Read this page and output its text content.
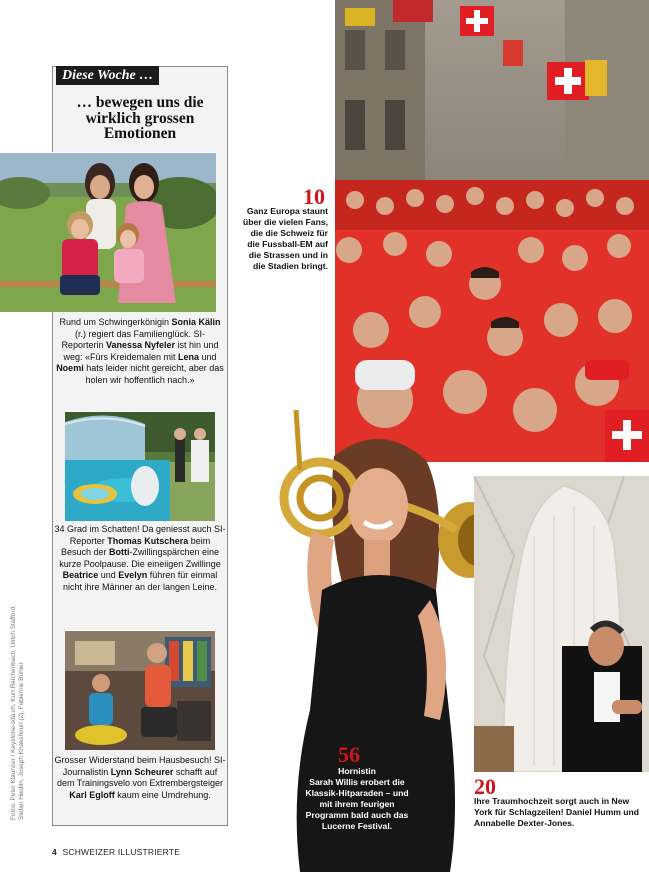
Diese Woche …
… bewegen uns die
wirklich grossen
Emotionen

Rund um Schwingerkönigin Sonia Kälin (r.) regiert das Familienglück. SI-Reporterin Vanessa Nyfeler ist hin und weg: «Fürs Kreidemalen mit Lena und Noemi hats leider nicht gereicht, aber das holen wir hoffentlich nach.»

34 Grad im Schatten! Da geniesst auch SI-Reporter Thomas Kutschera beim Besuch der Botti-Zwillingspärchen eine kurze Poolpause. Die eineiigen Zwillinge Beatrice und Evelyn führen für einmal nicht ihre Männer an der langen Leine.

Grosser Widerstand beim Hausbesuch! SI-Journalistin Lynn Scheurer schafft auf dem Trainingsvelo von Extrembergsteiger Karl Egloff kaum eine Umdrehung.

Fotos: Peter Klaunzer / Keystone-sda.ch, Kurt Reichenbach, Ulrich Stafford, Stefan Hiedlin, Joseph Khakshouri (2), Fabienne Bühler
10

Ganz Europa staunt über die vielen Fans, die die Schweiz für die Fussball-EM auf die Strassen und in die Stadien bringt.

56

Hornistin
Sarah Willis erobert die Klassik-Hitparaden – und mit ihrem feurigen Programm bald auch das Lucerne Festival.

20

Ihre Traumhochzeit sorgt auch in New York für Schlagzeilen! Daniel Humm und Annabelle Dexter-Jones.

4 SCHWEIZER ILLUSTRIERTE
